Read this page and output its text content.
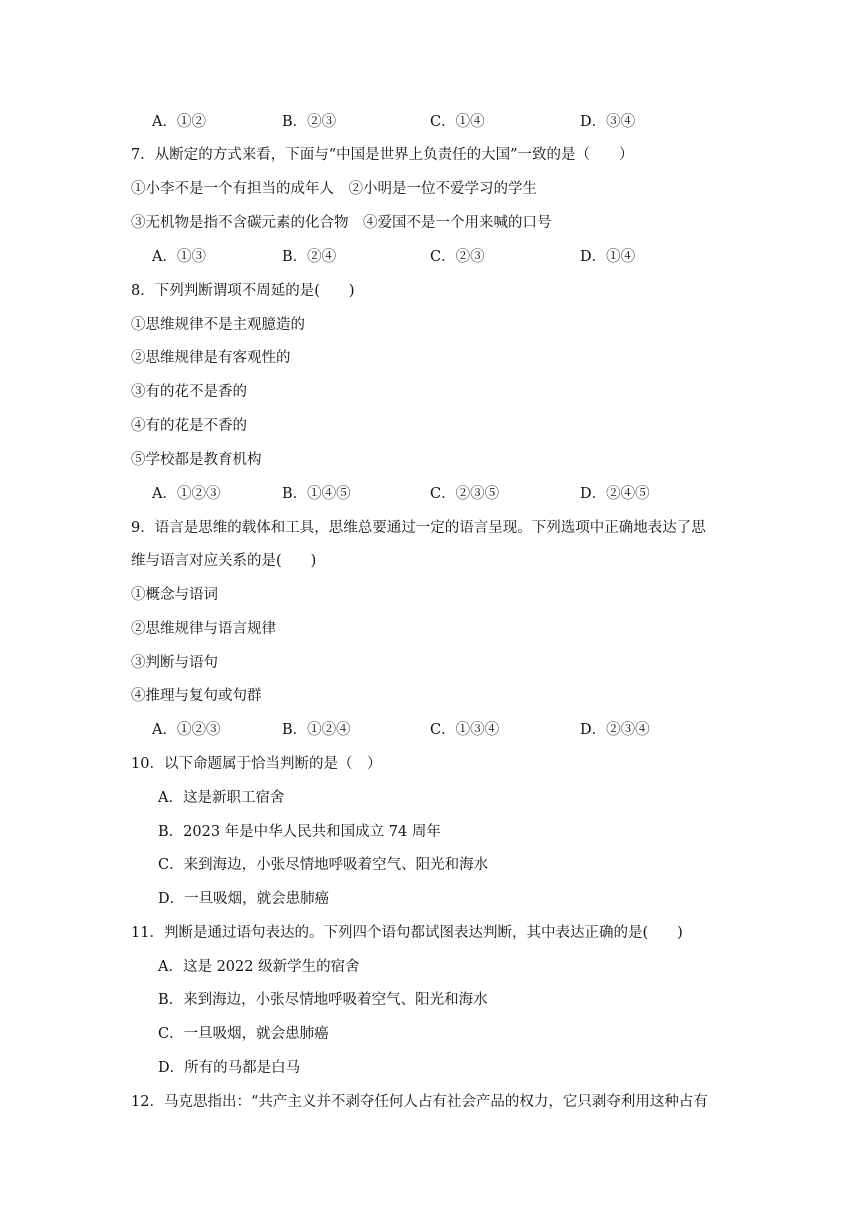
A．①②	B．②③	C．①④	D．③④
7．从断定的方式来看，下面与“中国是世界上负责任的大国”一致的是（　　）
①小李不是一个有担当的成年人　②小明是一位不爱学习的学生
③无机物是指不含碳元素的化合物　④爱国不是一个用来喊的口号
A．①③	B．②④	C．②③	D．①④
8．下列判断谓项不周延的是(　　)
①思维规律不是主观臆造的
②思维规律是有客观性的
③有的花不是香的
④有的花是不香的
⑤学校都是教育机构
A．①②③	B．①④⑤	C．②③⑤	D．②④⑤
9．语言是思维的载体和工具，思维总要通过一定的语言呈现。下列选项中正确地表达了思
维与语言对应关系的是(　　)
①概念与语词
②思维规律与语言规律
③判断与语句
④推理与复句或句群
A．①②③	B．①②④	C．①③④	D．②③④
10．以下命题属于恰当判断的是（　）
A．这是新职工宿舍
B．2023 年是中华人民共和国成立 74 周年
C．来到海边，小张尽情地呼吸着空气、阳光和海水
D．一旦吸烟，就会患肺癌
11．判断是通过语句表达的。下列四个语句都试图表达判断，其中表达正确的是(　　)
A．这是 2022 级新学生的宿舍
B．来到海边，小张尽情地呼吸着空气、阳光和海水
C．一旦吸烟，就会患肺癌
D．所有的马都是白马
12．马克思指出：“共产主义并不剥夺任何人占有社会产品的权力，它只剥夺利用这种占有
